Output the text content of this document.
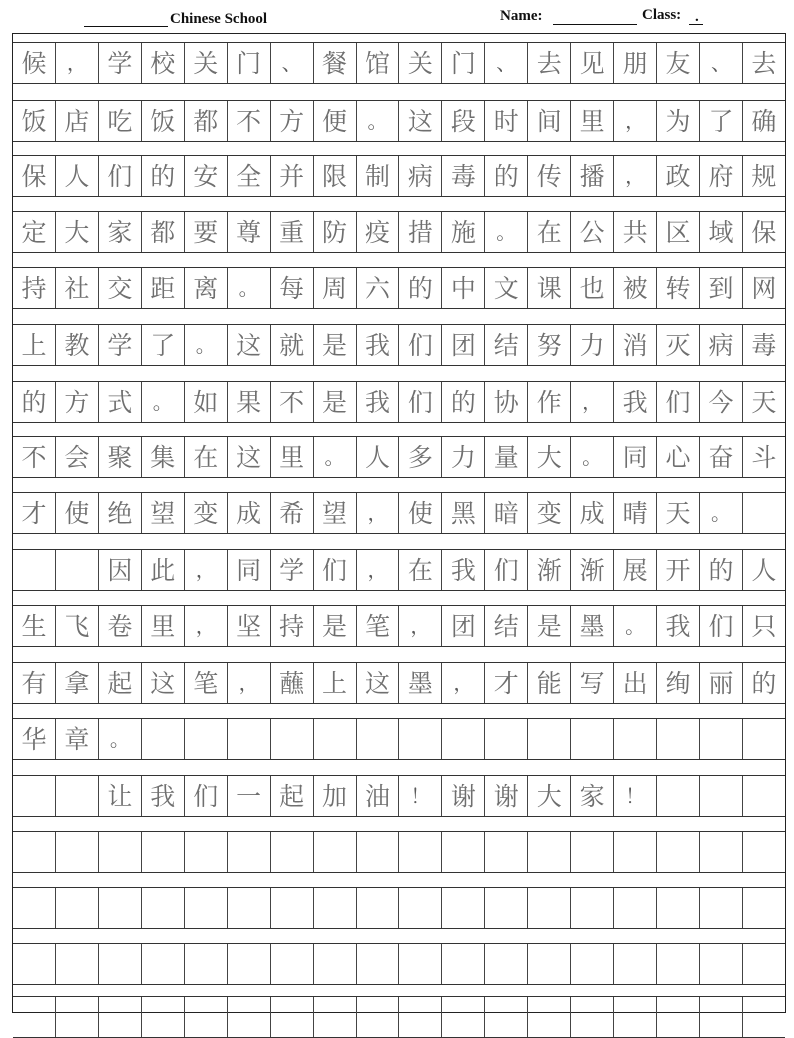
Chinese School	Name:	Class: .
候	， 学 校 关 门	、 餐 馆 关 门	、 去 见 朋 友	、 去
饭 店 吃 饭 都 不 方 便	。 这 段 时 间 里	， 为 了 确
保 人 们 的 安 全 并 限 制 病 毒 的 传 播	， 政 府 规
定 大 家 都 要 尊 重 防 疫 措 施	。 在 公 共 区 域 保
持 社 交 距 离	。 每 周 六 的 中 文 课 也 被 转 到 网
上 教 学 了	。 这 就 是 我 们 团 结 努 力 消 灭 病 毒
的 方 式	。 如 果 不 是 我 们 的 协 作	， 我 们 今 天
不 会 聚 集 在 这 里	。 人 多 力 量 大	。 同 心 奋 斗
才 使 绝 望 变 成 希 望	， 使 黑 暗 变 成 晴 天	。
因 此	， 同 学 们	， 在 我 们 渐 渐 展 开 的 人
生 飞 卷 里	， 坚 持 是 笔	， 团 结 是 墨	。 我 们 只
有 拿 起 这 笔	， 蘸 上 这 墨	， 才 能 写 出 绚 丽 的
华 章	。
让 我 们 一 起 加 油	！ 谢 谢 大 家	！
